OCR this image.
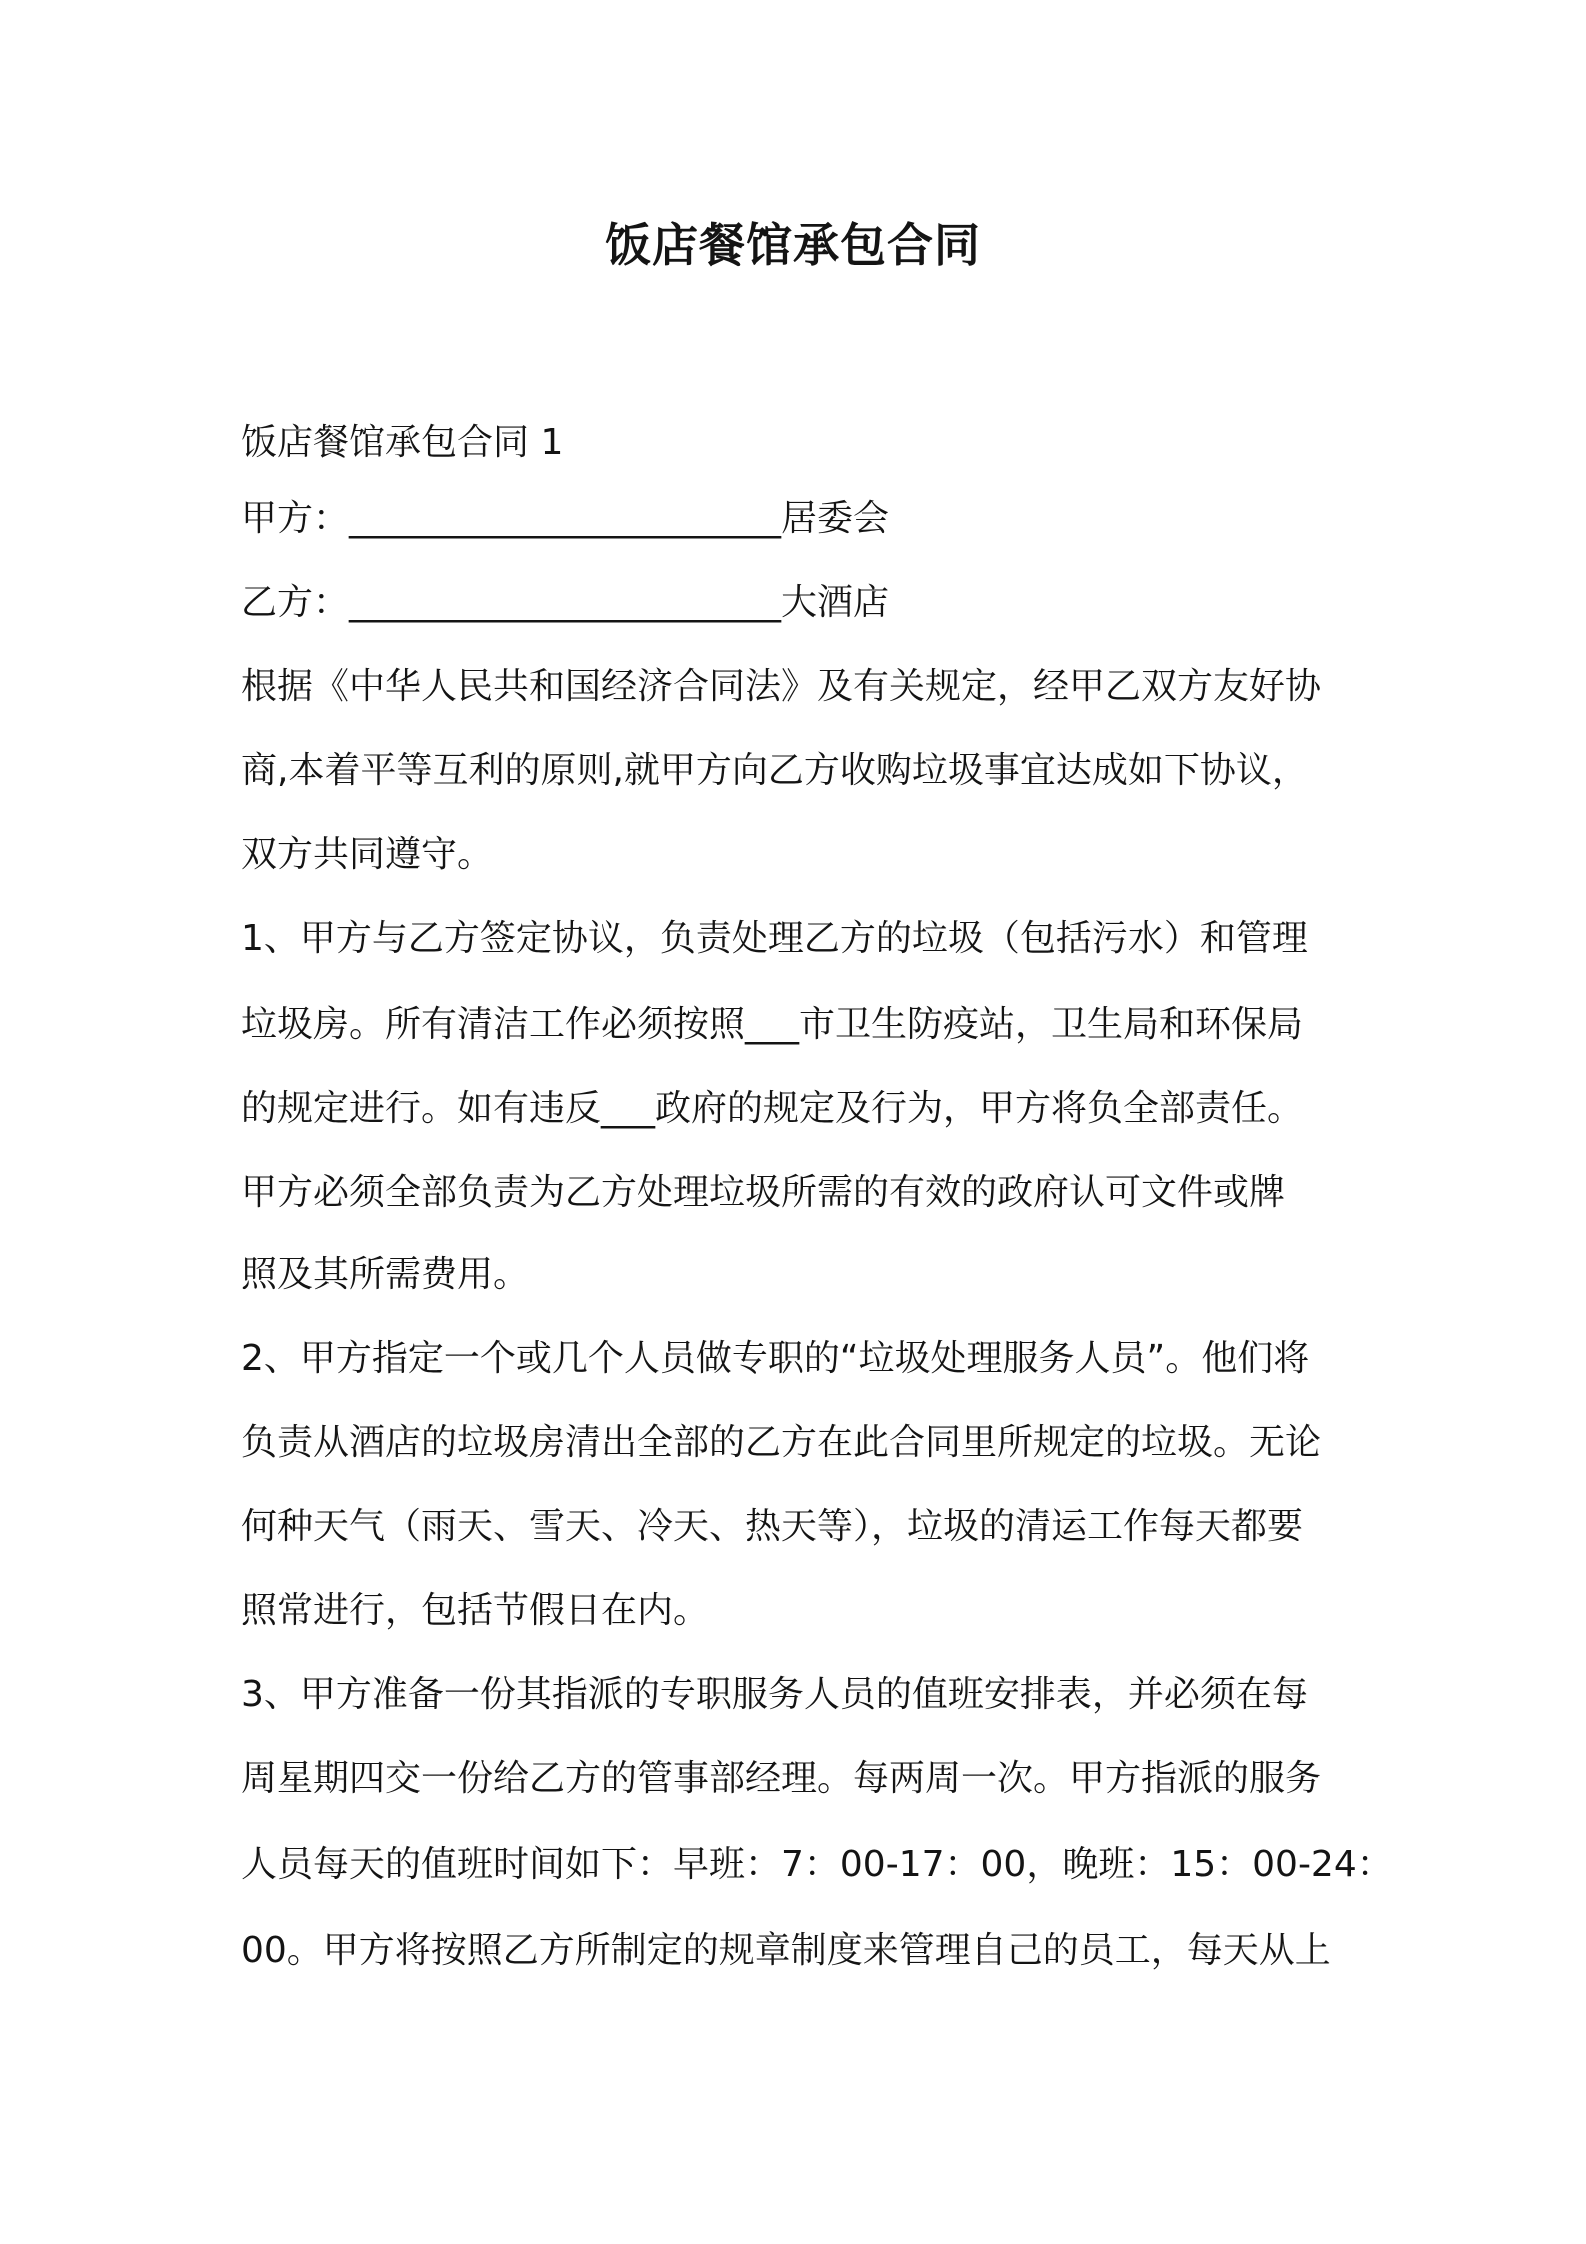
饭店餐馆承包合同
饭店餐馆承包合同 1
甲方：________________________居委会
乙方：________________________大酒店
根据《中华人民共和国经济合同法》及有关规定，经甲乙双方友好协
商,本着平等互利的原则,就甲方向乙方收购垃圾事宜达成如下协议，
双方共同遵守。
1、甲方与乙方签定协议，负责处理乙方的垃圾（包括污水）和管理
垃圾房。所有清洁工作必须按照___市卫生防疫站，卫生局和环保局
的规定进行。如有违反___政府的规定及行为，甲方将负全部责任。
甲方必须全部负责为乙方处理垃圾所需的有效的政府认可文件或牌
照及其所需费用。
2、甲方指定一个或几个人员做专职的“垃圾处理服务人员”。他们将
负责从酒店的垃圾房清出全部的乙方在此合同里所规定的垃圾。无论
何种天气（雨天、雪天、冷天、热天等），垃圾的清运工作每天都要
照常进行，包括节假日在内。
3、甲方准备一份其指派的专职服务人员的值班安排表，并必须在每
周星期四交一份给乙方的管事部经理。每两周一次。甲方指派的服务
人员每天的值班时间如下：早班：7：00-17：00，晚班：15：00-24：
00。甲方将按照乙方所制定的规章制度来管理自己的员工，每天从上
